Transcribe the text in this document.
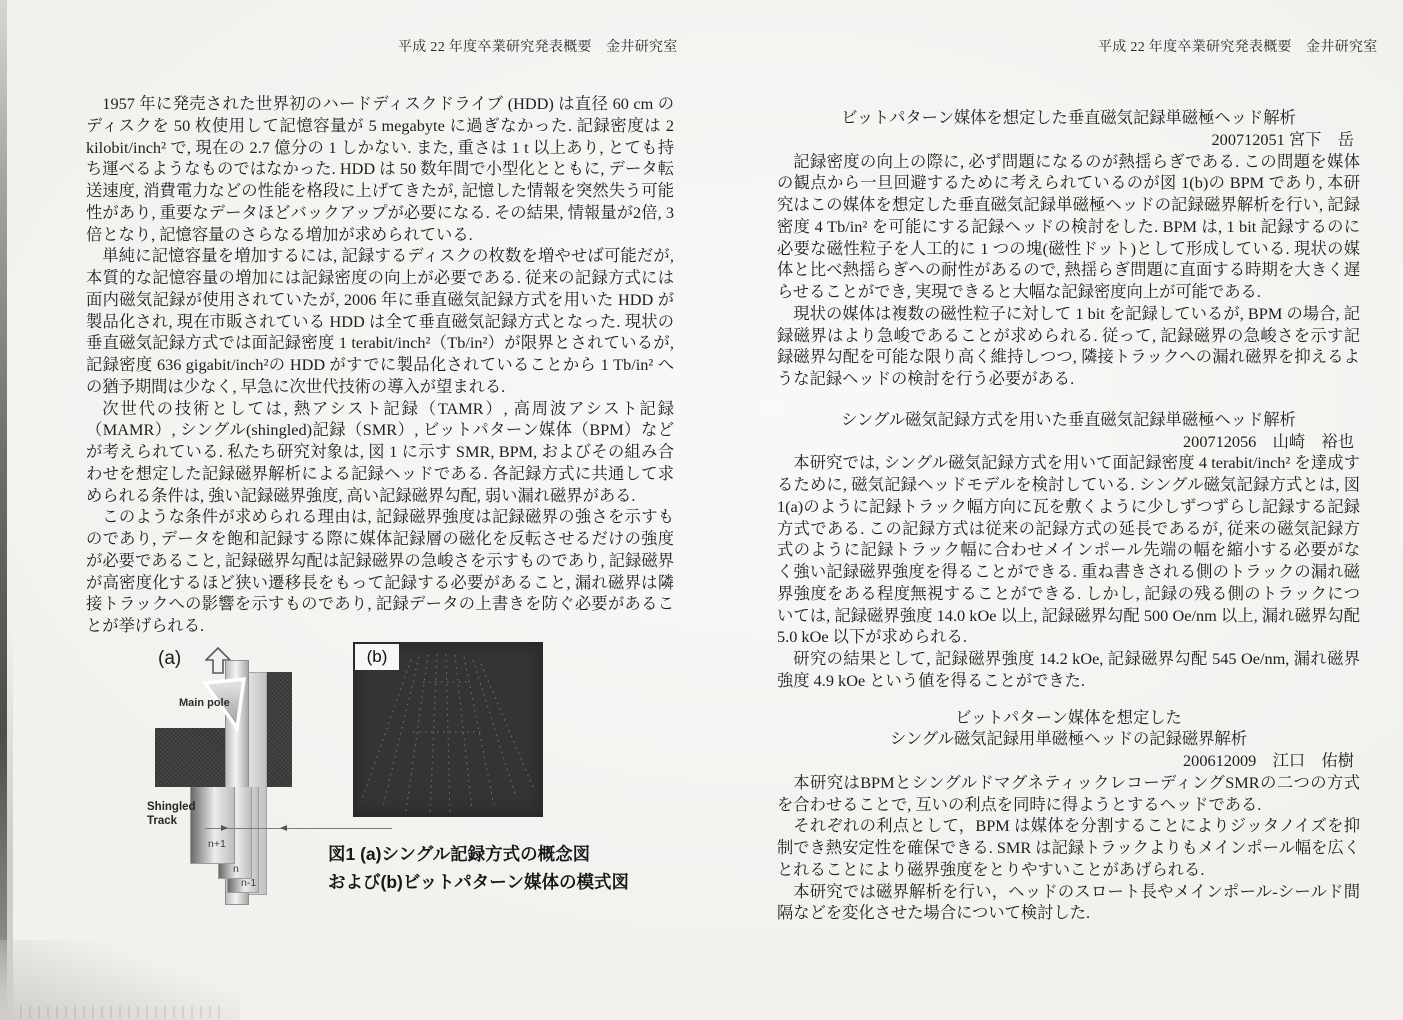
平成 22 年度卒業研究発表概要　金井研究室	平成 22 年度卒業研究発表概要　金井研究室

1957 年に発売された世界初のハードディスクドライブ (HDD) は直径 60 cm のディスクを 50 枚使用して記憶容量が 5 megabyte に過ぎなかった. 記録密度は 2 kilobit/inch² で, 現在の 2.7 億分の 1 しかない. また, 重さは 1 t 以上あり, とても持ち運べるようなものではなかった. HDD は 50 数年間で小型化とともに, データ転送速度, 消費電力などの性能を格段に上げてきたが, 記憶した情報を突然失う可能性があり, 重要なデータほどバックアップが必要になる. その結果, 情報量が2倍, 3倍となり, 記憶容量のさらなる増加が求められている.

単純に記憶容量を増加するには, 記録するディスクの枚数を増やせば可能だが, 本質的な記憶容量の増加には記録密度の向上が必要である. 従来の記録方式には面内磁気記録が使用されていたが, 2006 年に垂直磁気記録方式を用いた HDD が製品化され, 現在市販されている HDD は全て垂直磁気記録方式となった. 現状の垂直磁気記録方式では面記録密度 1 terabit/inch²（Tb/in²）が限界とされているが, 記録密度 636 gigabit/inch²の HDD がすでに製品化されていることから 1 Tb/in² への猶予期間は少なく, 早急に次世代技術の導入が望まれる.

次世代の技術としては, 熱アシスト記録（TAMR）, 高周波アシスト記録（MAMR）, シングル(shingled)記録（SMR）, ビットパターン媒体（BPM）などが考えられている. 私たち研究対象は, 図 1 に示す SMR, BPM, およびその組み合わせを想定した記録磁界解析による記録ヘッドである. 各記録方式に共通して求められる条件は, 強い記録磁界強度, 高い記録磁界勾配, 弱い漏れ磁界がある.

このような条件が求められる理由は, 記録磁界強度は記録磁界の強さを示すものであり, データを飽和記録する際に媒体記録層の磁化を反転させるだけの強度が必要であること, 記録磁界勾配は記録磁界の急峻さを示すものであり, 記録磁界が高密度化するほど狭い遷移長をもって記録する必要があること, 漏れ磁界は隣接トラックへの影響を示すものであり, 記録データの上書きを防ぐ必要があることが挙げられる.

(a)
Main pole
Shingled Track
n+1
n
n-1
(b)
図1 (a)シングル記録方式の概念図
および(b)ビットパターン媒体の模式図
ビットパターン媒体を想定した垂直磁気記録単磁極ヘッド解析
200712051 宮下　岳

記録密度の向上の際に, 必ず問題になるのが熱揺らぎである. この問題を媒体の観点から一旦回避するために考えられているのが図 1(b)の BPM であり, 本研究はこの媒体を想定した垂直磁気記録単磁極ヘッドの記録磁界解析を行い, 記録密度 4 Tb/in² を可能にする記録ヘッドの検討をした. BPM は, 1 bit 記録するのに必要な磁性粒子を人工的に 1 つの塊(磁性ドット)として形成している. 現状の媒体と比べ熱揺らぎへの耐性があるので, 熱揺らぎ問題に直面する時期を大きく遅らせることができ, 実現できると大幅な記録密度向上が可能である.

現状の媒体は複数の磁性粒子に対して 1 bit を記録しているが, BPM の場合, 記録磁界はより急峻であることが求められる. 従って, 記録磁界の急峻さを示す記録磁界勾配を可能な限り高く維持しつつ, 隣接トラックへの漏れ磁界を抑えるような記録ヘッドの検討を行う必要がある.

シングル磁気記録方式を用いた垂直磁気記録単磁極ヘッド解析
200712056　山崎　裕也

本研究では, シングル磁気記録方式を用いて面記録密度 4 terabit/inch² を達成するために, 磁気記録ヘッドモデルを検討している. シングル磁気記録方式とは, 図 1(a)のように記録トラック幅方向に瓦を敷くように少しずつずらし記録する記録方式である. この記録方式は従来の記録方式の延長であるが, 従来の磁気記録方式のように記録トラック幅に合わせメインポール先端の幅を縮小する必要がなく強い記録磁界強度を得ることができる. 重ね書きされる側のトラックの漏れ磁界強度をある程度無視することができる. しかし, 記録の残る側のトラックについては, 記録磁界強度 14.0 kOe 以上, 記録磁界勾配 500 Oe/nm 以上, 漏れ磁界勾配 5.0 kOe 以下が求められる.

研究の結果として, 記録磁界強度 14.2 kOe, 記録磁界勾配 545 Oe/nm, 漏れ磁界強度 4.9 kOe という値を得ることができた.

ビットパターン媒体を想定した
シングル磁気記録用単磁極ヘッドの記録磁界解析
200612009　江口　佑樹

本研究はBPMとシングルドマグネティックレコーディングSMRの二つの方式を合わせることで, 互いの利点を同時に得ようとするヘッドである.

それぞれの利点として，BPM は媒体を分割することによりジッタノイズを抑制でき熱安定性を確保できる. SMR は記録トラックよりもメインポール幅を広くとれることにより磁界強度をとりやすいことがあげられる.

本研究では磁界解析を行い，ヘッドのスロート長やメインポール-シールド間隔などを変化させた場合について検討した.
